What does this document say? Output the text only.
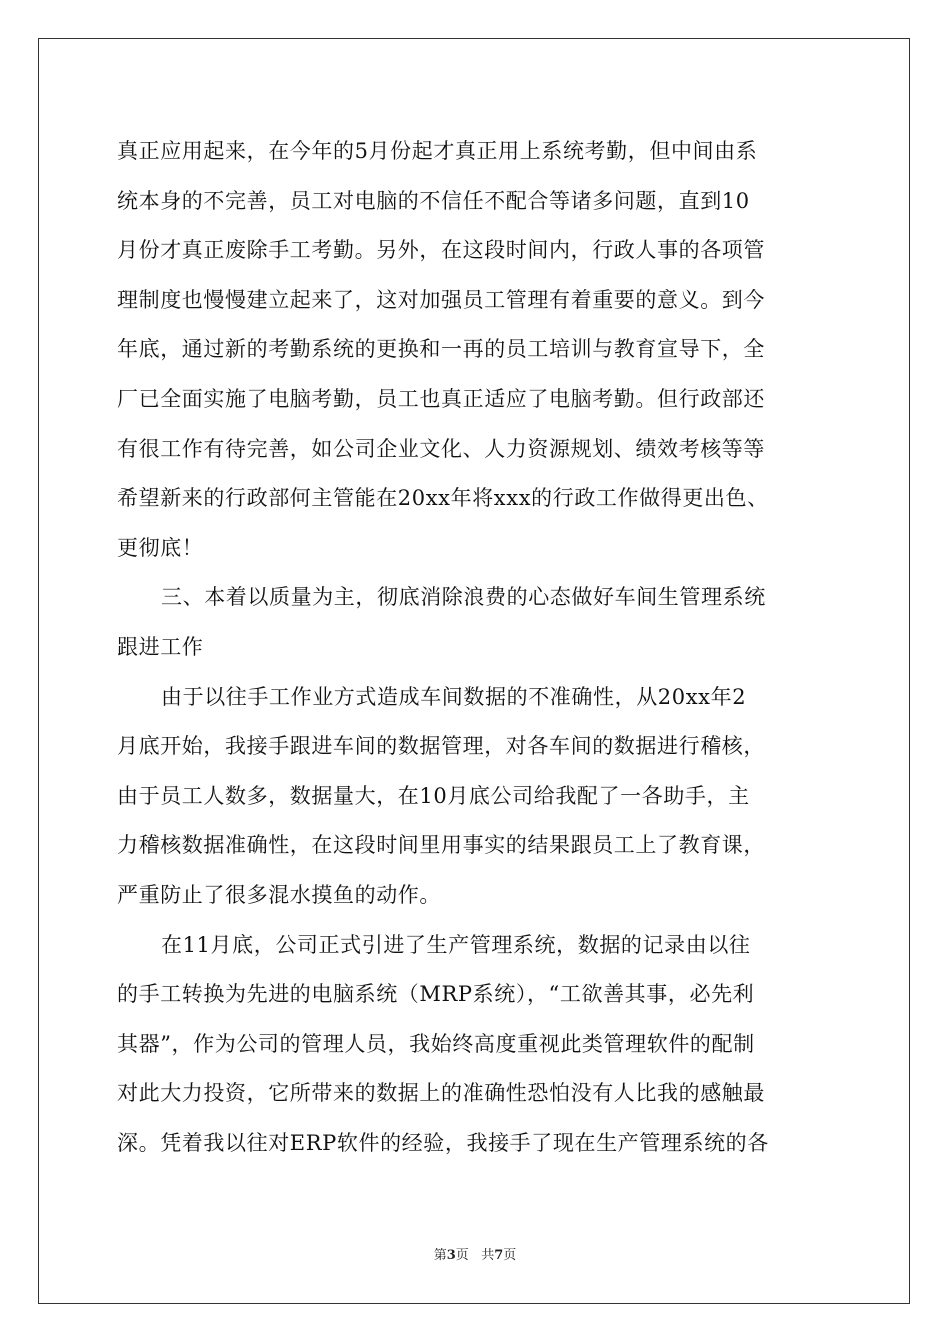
真正应用起来，在今年的5月份起才真正用上系统考勤，但中间由系
统本身的不完善，员工对电脑的不信任不配合等诸多问题，直到10
月份才真正废除手工考勤。另外，在这段时间内，行政人事的各项管
理制度也慢慢建立起来了，这对加强员工管理有着重要的意义。到今
年底，通过新的考勤系统的更换和一再的员工培训与教育宣导下，全
厂已全面实施了电脑考勤，员工也真正适应了电脑考勤。但行政部还
有很工作有待完善，如公司企业文化、人力资源规划、绩效考核等等
希望新来的行政部何主管能在20xx年将xxx的行政工作做得更出色、
更彻底！
三、本着以质量为主，彻底消除浪费的心态做好车间生管理系统
跟进工作
由于以往手工作业方式造成车间数据的不准确性，从20xx年2
月底开始，我接手跟进车间的数据管理，对各车间的数据进行稽核，
由于员工人数多，数据量大，在10月底公司给我配了一各助手，主
力稽核数据准确性，在这段时间里用事实的结果跟员工上了教育课，
严重防止了很多混水摸鱼的动作。
在11月底，公司正式引进了生产管理系统，数据的记录由以往
的手工转换为先进的电脑系统（MRP系统），“工欲善其事，必先利
其器”，作为公司的管理人员，我始终高度重视此类管理软件的配制
对此大力投资，它所带来的数据上的准确性恐怕没有人比我的感触最
深。凭着我以往对ERP软件的经验，我接手了现在生产管理系统的各
第3页 共7页
